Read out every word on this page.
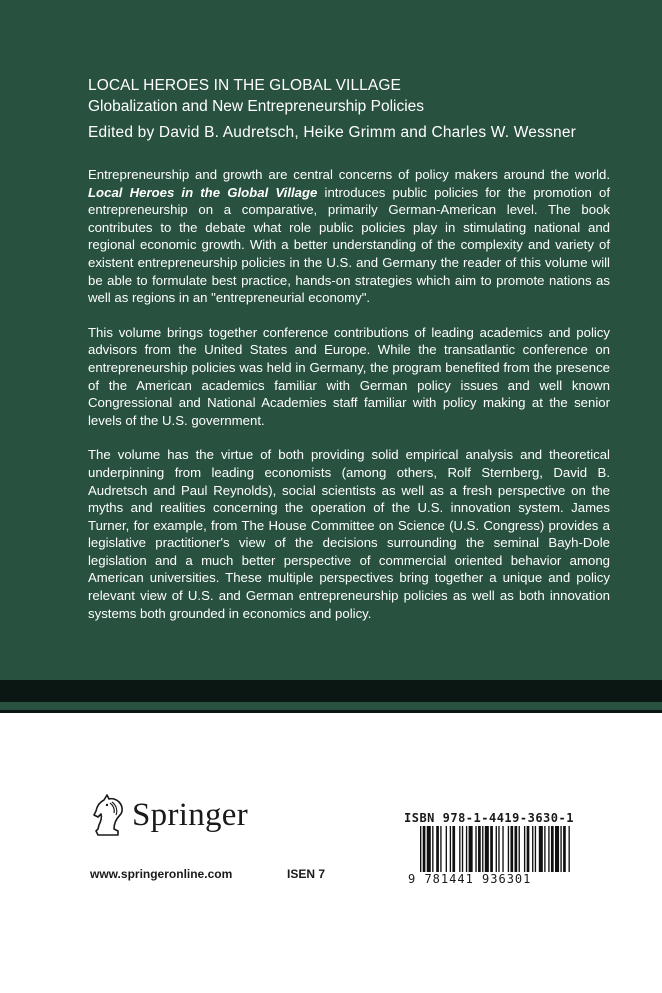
LOCAL HEROES IN THE GLOBAL VILLAGE
Globalization and New Entrepreneurship Policies
Edited by David B. Audretsch, Heike Grimm and Charles W. Wessner

Entrepreneurship and growth are central concerns of policy makers around the world. Local Heroes in the Global Village introduces public policies for the promotion of entrepreneurship on a comparative, primarily German-American level. The book contributes to the debate what role public policies play in stimulating national and regional economic growth. With a better understanding of the complexity and variety of existent entrepreneurship policies in the U.S. and Germany the reader of this volume will be able to formulate best practice, hands-on strategies which aim to promote nations as well as regions in an "entrepreneurial economy".

This volume brings together conference contributions of leading academics and policy advisors from the United States and Europe. While the transatlantic conference on entrepreneurship policies was held in Germany, the program benefited from the presence of the American academics familiar with German policy issues and well known Congressional and National Academies staff familiar with policy making at the senior levels of the U.S. government.

The volume has the virtue of both providing solid empirical analysis and theoretical underpinning from leading economists (among others, Rolf Sternberg, David B. Audretsch and Paul Reynolds), social scientists as well as a fresh perspective on the myths and realities concerning the operation of the U.S. innovation system. James Turner, for example, from The House Committee on Science (U.S. Congress) provides a legislative practitioner's view of the decisions surrounding the seminal Bayh-Dole legislation and a much better perspective of commercial oriented behavior among American universities. These multiple perspectives bring together a unique and policy relevant view of U.S. and German entrepreneurship policies as well as both innovation systems both grounded in economics and policy.

Springer
www.springeronline.com	ISEN 7
ISBN 978-1-4419-3630-1
9 781441 936301
